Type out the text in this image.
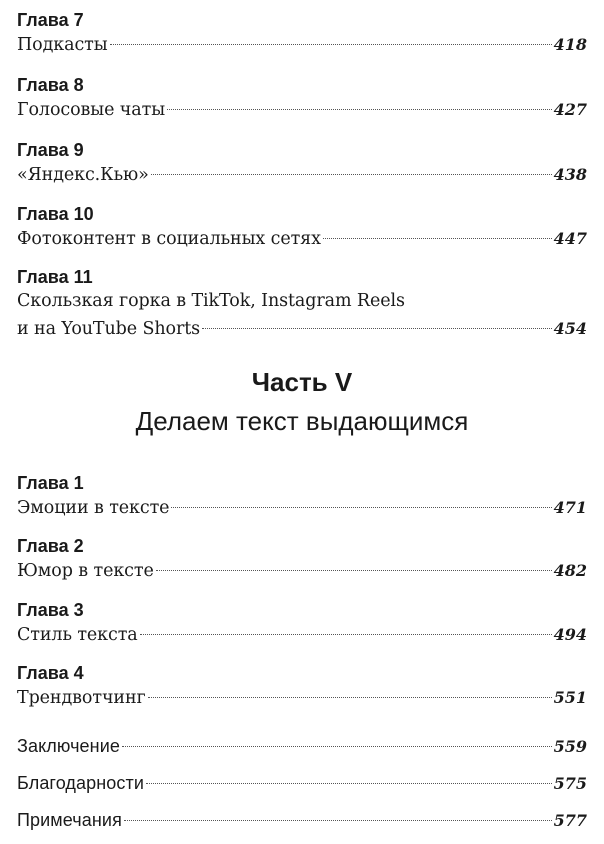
Глава 7
Подкасты	418
Глава 8
Голосовые чаты	427
Глава 9
«Яндекс.Кью»	438
Глава 10
Фотоконтент в социальных сетях	447
Глава 11
Скользкая горка в TikTok, Instagram Reels
и на YouTube Shorts	454
Часть V
Делаем текст выдающимся
Глава 1
Эмоции в тексте	471
Глава 2
Юмор в тексте	482
Глава 3
Стиль текста	494
Глава 4
Трендвотчинг	551
Заключение	559
Благодарности	575
Примечания	577
